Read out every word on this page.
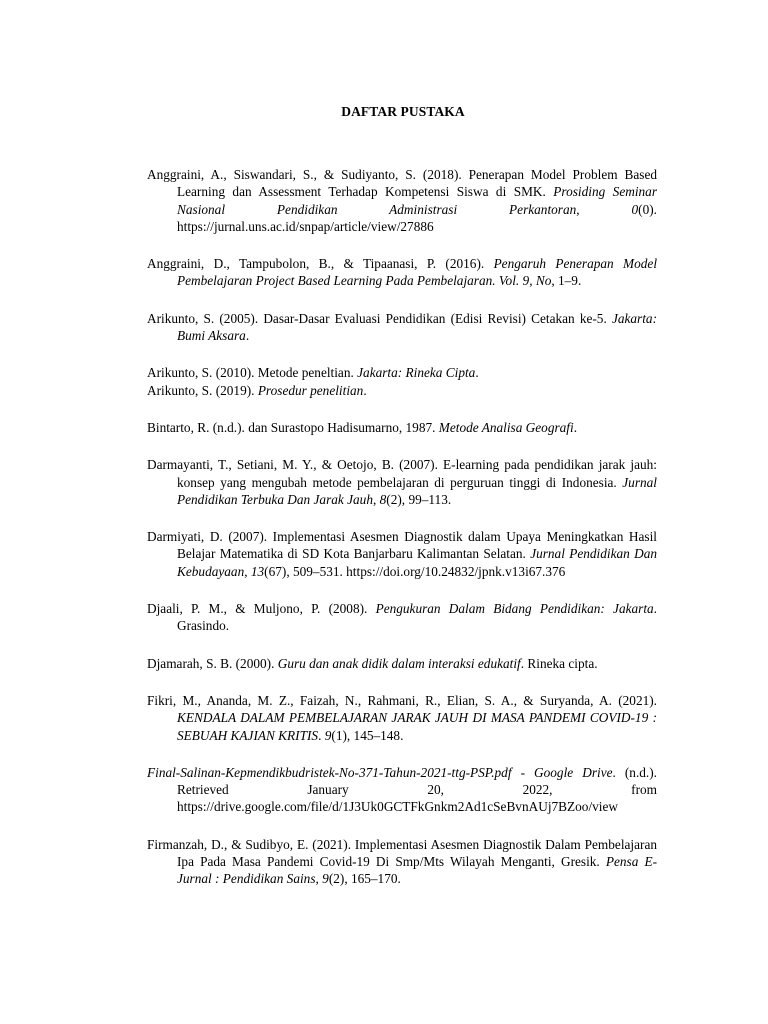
DAFTAR PUSTAKA
Anggraini, A., Siswandari, S., & Sudiyanto, S. (2018). Penerapan Model Problem Based Learning dan Assessment Terhadap Kompetensi Siswa di SMK. Prosiding Seminar Nasional Pendidikan Administrasi Perkantoran, 0(0). https://jurnal.uns.ac.id/snpap/article/view/27886
Anggraini, D., Tampubolon, B., & Tipaanasi, P. (2016). Pengaruh Penerapan Model Pembelajaran Project Based Learning Pada Pembelajaran. Vol. 9, No, 1–9.
Arikunto, S. (2005). Dasar-Dasar Evaluasi Pendidikan (Edisi Revisi) Cetakan ke-5. Jakarta: Bumi Aksara.
Arikunto, S. (2010). Metode peneltian. Jakarta: Rineka Cipta.
Arikunto, S. (2019). Prosedur penelitian.
Bintarto, R. (n.d.). dan Surastopo Hadisumarno, 1987. Metode Analisa Geografi.
Darmayanti, T., Setiani, M. Y., & Oetojo, B. (2007). E-learning pada pendidikan jarak jauh: konsep yang mengubah metode pembelajaran di perguruan tinggi di Indonesia. Jurnal Pendidikan Terbuka Dan Jarak Jauh, 8(2), 99–113.
Darmiyati, D. (2007). Implementasi Asesmen Diagnostik dalam Upaya Meningkatkan Hasil Belajar Matematika di SD Kota Banjarbaru Kalimantan Selatan. Jurnal Pendidikan Dan Kebudayaan, 13(67), 509–531. https://doi.org/10.24832/jpnk.v13i67.376
Djaali, P. M., & Muljono, P. (2008). Pengukuran Dalam Bidang Pendidikan: Jakarta. Grasindo.
Djamarah, S. B. (2000). Guru dan anak didik dalam interaksi edukatif. Rineka cipta.
Fikri, M., Ananda, M. Z., Faizah, N., Rahmani, R., Elian, S. A., & Suryanda, A. (2021). KENDALA DALAM PEMBELAJARAN JARAK JAUH DI MASA PANDEMI COVID-19 : SEBUAH KAJIAN KRITIS. 9(1), 145–148.
Final-Salinan-Kepmendikbudristek-No-371-Tahun-2021-ttg-PSP.pdf - Google Drive. (n.d.). Retrieved January 20, 2022, from https://drive.google.com/file/d/1J3Uk0GCTFkGnkm2Ad1cSeBvnAUj7BZoo/view
Firmanzah, D., & Sudibyo, E. (2021). Implementasi Asesmen Diagnostik Dalam Pembelajaran Ipa Pada Masa Pandemi Covid-19 Di Smp/Mts Wilayah Menganti, Gresik. Pensa E-Jurnal : Pendidikan Sains, 9(2), 165–170.
